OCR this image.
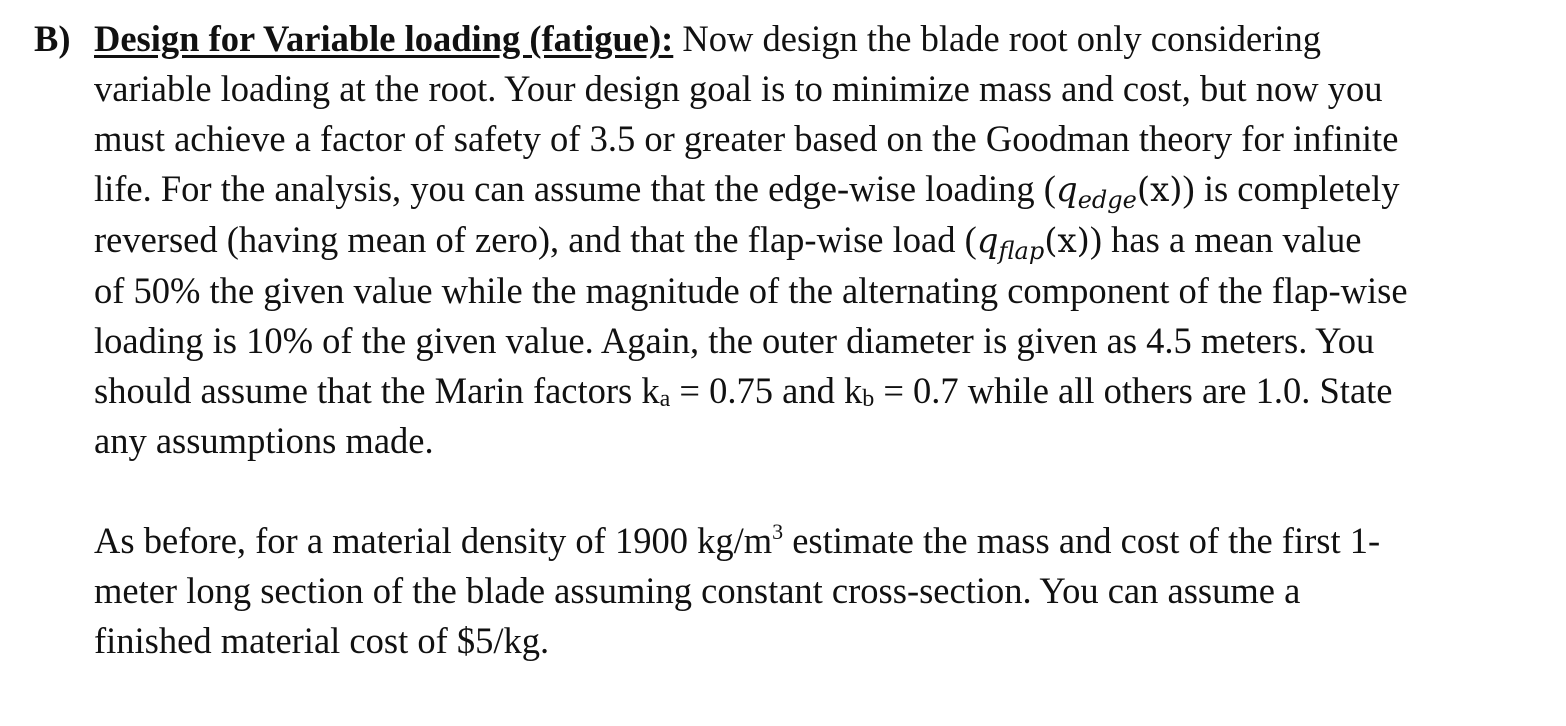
B) Design for Variable loading (fatigue): Now design the blade root only considering
variable loading at the root. Your design goal is to minimize mass and cost, but now you
must achieve a factor of safety of 3.5 or greater based on the Goodman theory for infinite
life. For the analysis, you can assume that the edge-wise loading $(q_{edge}(x))$ is completely
reversed (having mean of zero), and that the flap-wise load $(q_{flap}(x))$ has a mean value
of 50% the given value while the magnitude of the alternating component of the flap-wise
loading is 10% of the given value. Again, the outer diameter is given as 4.5 meters. You
should assume that the Marin factors $k_a = 0.75$ and $k_b = 0.7$ while all others are 1.0. State
any assumptions made.
As before, for a material density of 1900 $kg/m^3$ estimate the mass and cost of the first 1-
meter long section of the blade assuming constant cross-section. You can assume a
finished material cost of $5/kg.
